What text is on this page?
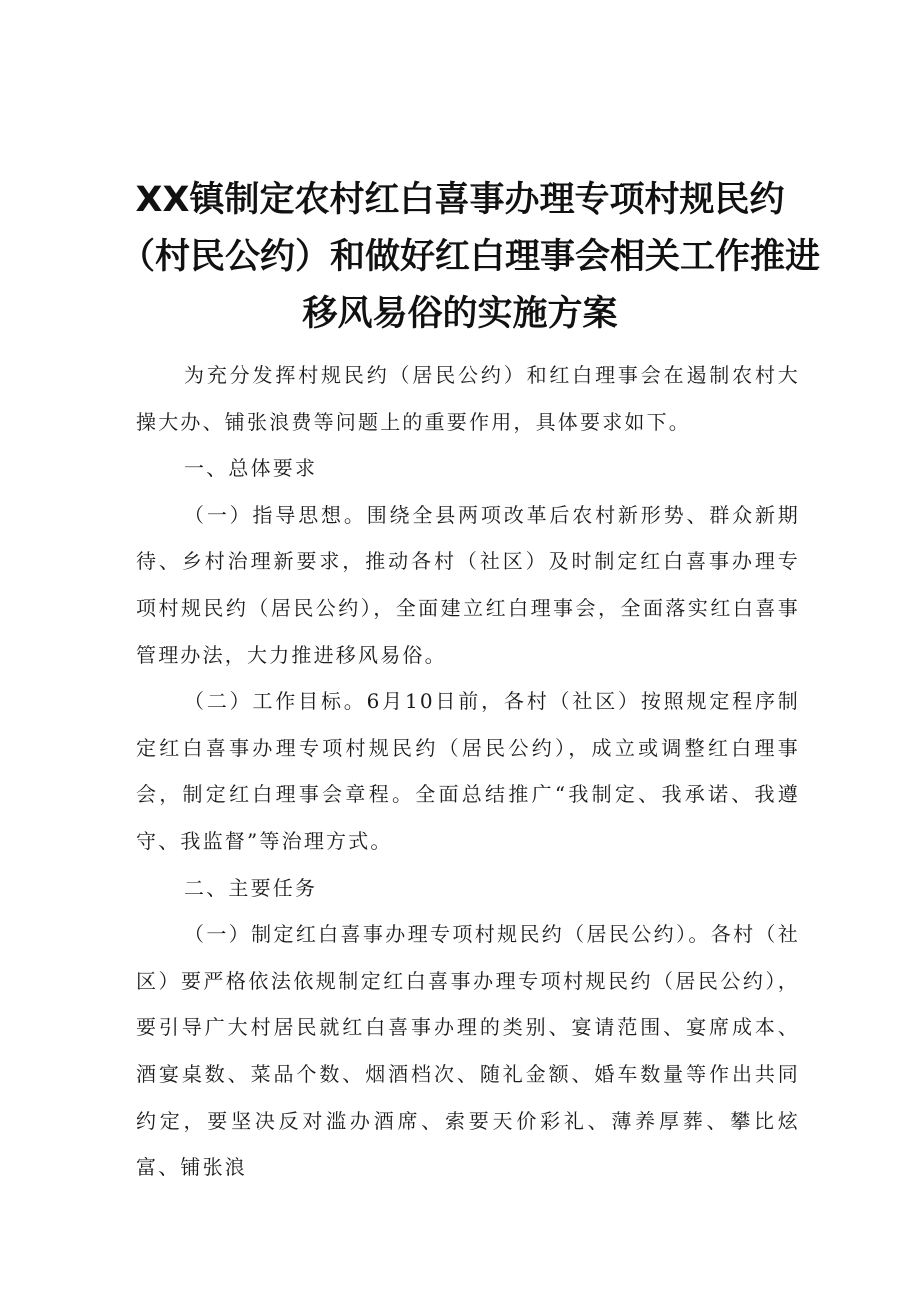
XX镇制定农村红白喜事办理专项村规民约
（村民公约）和做好红白理事会相关工作推进
移风易俗的实施方案

为充分发挥村规民约（居民公约）和红白理事会在遏制农村大操大办、铺张浪费等问题上的重要作用，具体要求如下。

一、总体要求

（一）指导思想。围绕全县两项改革后农村新形势、群众新期待、乡村治理新要求，推动各村（社区）及时制定红白喜事办理专项村规民约（居民公约），全面建立红白理事会，全面落实红白喜事管理办法，大力推进移风易俗。

（二）工作目标。6月10日前，各村（社区）按照规定程序制定红白喜事办理专项村规民约（居民公约），成立或调整红白理事会，制定红白理事会章程。全面总结推广“我制定、我承诺、我遵守、我监督”等治理方式。

二、主要任务

（一）制定红白喜事办理专项村规民约（居民公约）。各村（社区）要严格依法依规制定红白喜事办理专项村规民约（居民公约），要引导广大村居民就红白喜事办理的类别、宴请范围、宴席成本、酒宴桌数、菜品个数、烟酒档次、随礼金额、婚车数量等作出共同约定，要坚决反对滥办酒席、索要天价彩礼、薄养厚葬、攀比炫富、铺张浪
